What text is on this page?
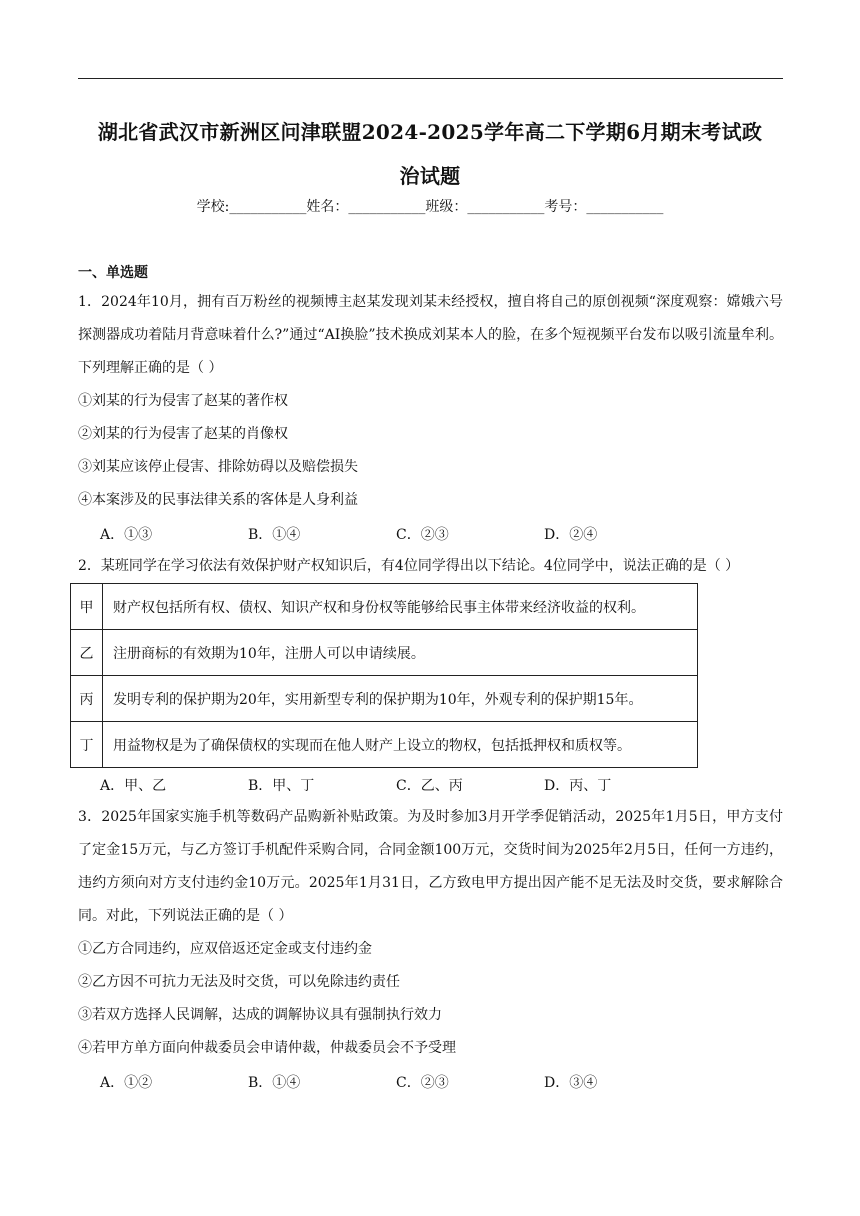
湖北省武汉市新洲区问津联盟2024-2025学年高二下学期6月期末考试政
治试题
学校:___________姓名：___________班级：___________考号：___________
一、单选题
1．2024年10月，拥有百万粉丝的视频博主赵某发现刘某未经授权，擅自将自己的原创视频“深度观察：嫦娥六号探测器成功着陆月背意味着什么?”通过“AI换脸”技术换成刘某本人的脸，在多个短视频平台发布以吸引流量牟利。下列理解正确的是（ ）
①刘某的行为侵害了赵某的著作权
②刘某的行为侵害了赵某的肖像权
③刘某应该停止侵害、排除妨碍以及赔偿损失
④本案涉及的民事法律关系的客体是人身利益
A．①③	B．①④	C．②③	D．②④
2．某班同学在学习依法有效保护财产权知识后，有4位同学得出以下结论。4位同学中，说法正确的是（ ）
甲	财产权包括所有权、债权、知识产权和身份权等能够给民事主体带来经济收益的权利。
乙	注册商标的有效期为10年，注册人可以申请续展。
丙	发明专利的保护期为20年，实用新型专利的保护期为10年，外观专利的保护期15年。
丁	用益物权是为了确保债权的实现而在他人财产上设立的物权，包括抵押权和质权等。
A．甲、乙	B．甲、丁	C．乙、丙	D．丙、丁
3．2025年国家实施手机等数码产品购新补贴政策。为及时参加3月开学季促销活动，2025年1月5日，甲方支付了定金15万元，与乙方签订手机配件采购合同，合同金额100万元，交货时间为2025年2月5日，任何一方违约，违约方须向对方支付违约金10万元。2025年1月31日，乙方致电甲方提出因产能不足无法及时交货，要求解除合同。对此，下列说法正确的是（ ）
①乙方合同违约，应双倍返还定金或支付违约金
②乙方因不可抗力无法及时交货，可以免除违约责任
③若双方选择人民调解，达成的调解协议具有强制执行效力
④若甲方单方面向仲裁委员会申请仲裁，仲裁委员会不予受理
A．①②	B．①④	C．②③	D．③④
